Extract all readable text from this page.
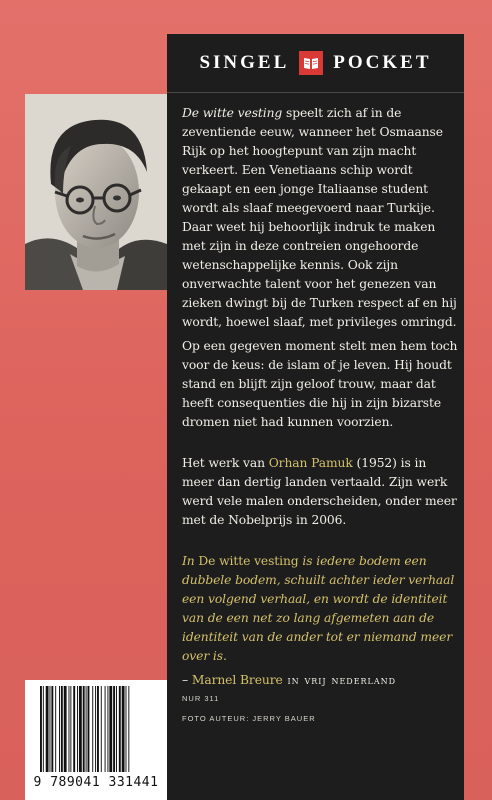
SINGEL POCKET

De witte vesting speelt zich af in de zeventiende eeuw, wanneer het Osmaanse Rijk op het hoogtepunt van zijn macht verkeert. Een Venetiaans schip wordt gekaapt en een jonge Italiaanse student wordt als slaaf meegevoerd naar Turkije. Daar weet hij behoorlijk indruk te maken met zijn in deze contreien ongehoorde wetenschappelijke kennis. Ook zijn onverwachte talent voor het genezen van zieken dwingt bij de Turken respect af en hij wordt, hoewel slaaf, met privileges omringd.

Op een gegeven moment stelt men hem toch voor de keus: de islam of je leven. Hij houdt stand en blijft zijn geloof trouw, maar dat heeft consequenties die hij in zijn bizarste dromen niet had kunnen voorzien.

Het werk van Orhan Pamuk (1952) is in meer dan dertig landen vertaald. Zijn werk werd vele malen onderscheiden, onder meer met de Nobelprijs in 2006.

In De witte vesting is iedere bodem een dubbele bodem, schuilt achter ieder verhaal een volgend verhaal, en wordt de identiteit van de een net zo lang afgemeten aan de identiteit van de ander tot er niemand meer over is.

– Marnel Breure in vrij nederland

9 789041 331441
NUR 311
FOTO AUTEUR: JERRY BAUER
